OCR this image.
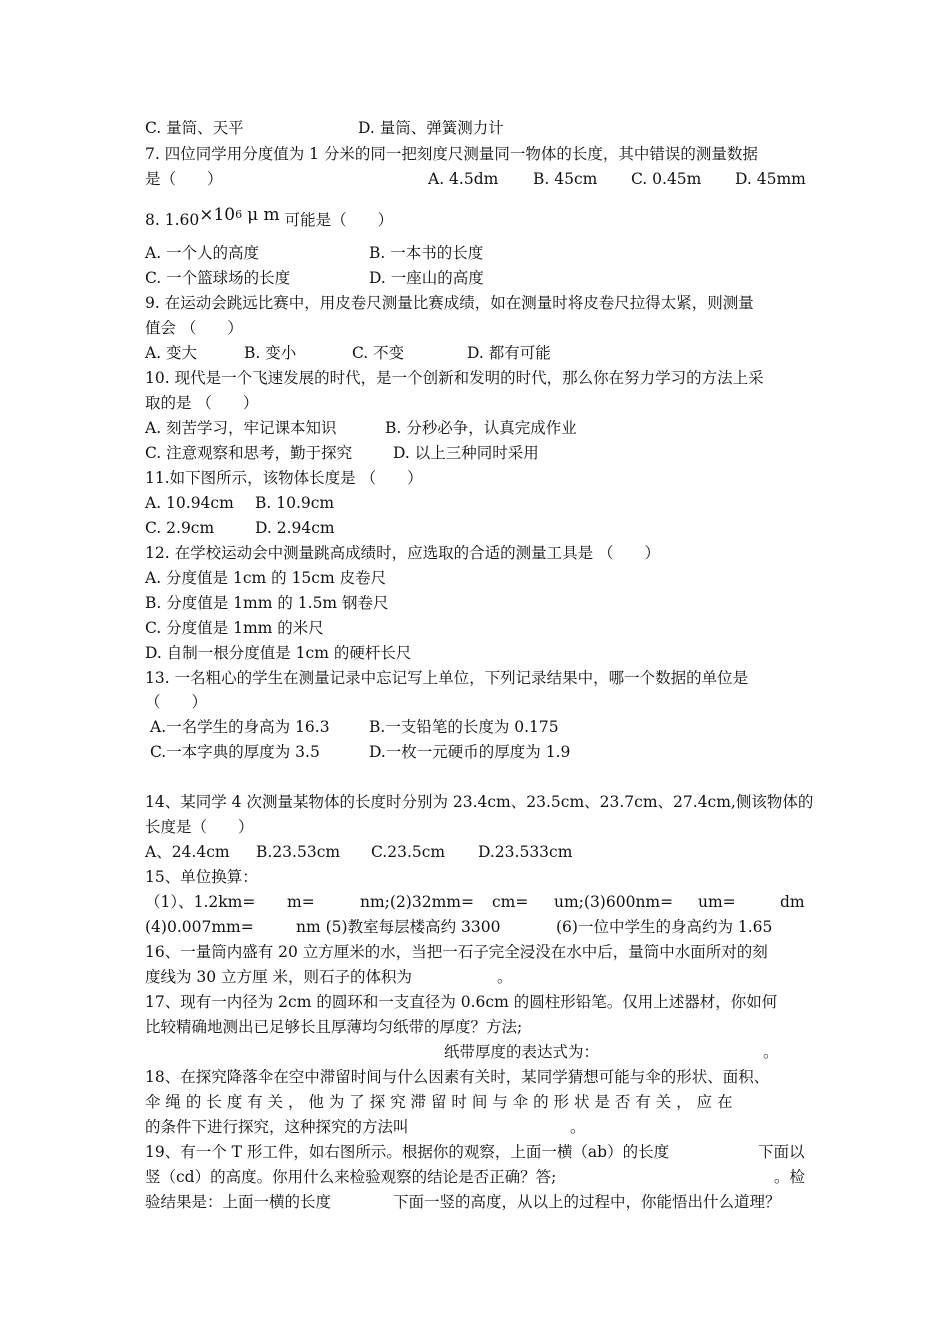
C. 量筒、天平	D. 量筒、弹簧测力计
7. 四位同学用分度值为 1 分米的同一把刻度尺测量同一物体的长度，其中错误的测量数据
是（　　）	A. 4.5dm B. 45cm C. 0.45m D. 45mm
8. $1.60\times 10^6$ μ m 可能是（　　）
A. 一个人的高度	B. 一本书的长度
C. 一个篮球场的长度	D. 一座山的高度
9. 在运动会跳远比赛中，用皮卷尺测量比赛成绩，如在测量时将皮卷尺拉得太紧，则测量
值会 （　　）
A. 变大	B. 变小	C. 不变	D. 都有可能
10. 现代是一个飞速发展的时代，是一个创新和发明的时代，那么你在努力学习的方法上采
取的是 （　　）
A. 刻苦学习，牢记课本知识	B. 分秒必争，认真完成作业
C. 注意观察和思考，勤于探究	D. 以上三种同时采用
11.如下图所示，该物体长度是 （　　）
A. 10.94cm B. 10.9cm
C. 2.9cm	D. 2.94cm
12. 在学校运动会中测量跳高成绩时，应选取的合适的测量工具是 （　　）
A. 分度值是 1cm 的 15cm 皮卷尺
B. 分度值是 1mm 的 1.5m 钢卷尺
C. 分度值是 1mm 的米尺
D. 自制一根分度值是 1cm 的硬杆长尺
13. 一名粗心的学生在测量记录中忘记写上单位，下列记录结果中，哪一个数据的单位是
（　　）
A.一名学生的身高为 16.3	B.一支铅笔的长度为 0.175
C.一本字典的厚度为 3.5	D.一枚一元硬币的厚度为 1.9
14、某同学 4 次测量某物体的长度时分别为 23.4cm、23.5cm、23.7cm、27.4cm,侧该物体的
长度是（　　）
A、24.4cm B.23.53cm C.23.5cm D.23.533cm
15、单位换算：
（1）、1.2km= m=	nm;(2)32mm= cm= um;(3)600nm= um=	dm
(4)0.007mm=	nm (5)教室每层楼高约 3300	(6)一位中学生的身高约为 1.65
16、一量筒内盛有 20 立方厘米的水，当把一石子完全浸没在水中后，量筒中水面所对的刻
度线为 30 立方厘 米，则石子的体积为	。
17、现有一内径为 2cm 的圆环和一支直径为 0.6cm 的圆柱形铅笔。仅用上述器材，你如何
比较精确地测出已足够长且厚薄均匀纸带的厚度？方法;
纸带厚度的表达式为：	。
18、在探究降落伞在空中滞留时间与什么因素有关时，某同学猜想可能与伞的形状、面积、
伞 绳 的 长 度 有 关 ， 他 为 了 探 究 滞 留 时 间 与 伞 的 形 状 是 否 有 关 ， 应 在
的条件下进行探究，这种探究的方法叫	。
19、有一个 T 形工件，如右图所示。根据你的观察，上面一横（ab）的长度	下面以
竖（cd）的高度。你用什么来检验观察的结论是否正确？答;	。检
验结果是：上面一横的长度	下面一竖的高度，从以上的过程中，你能悟出什么道理？
